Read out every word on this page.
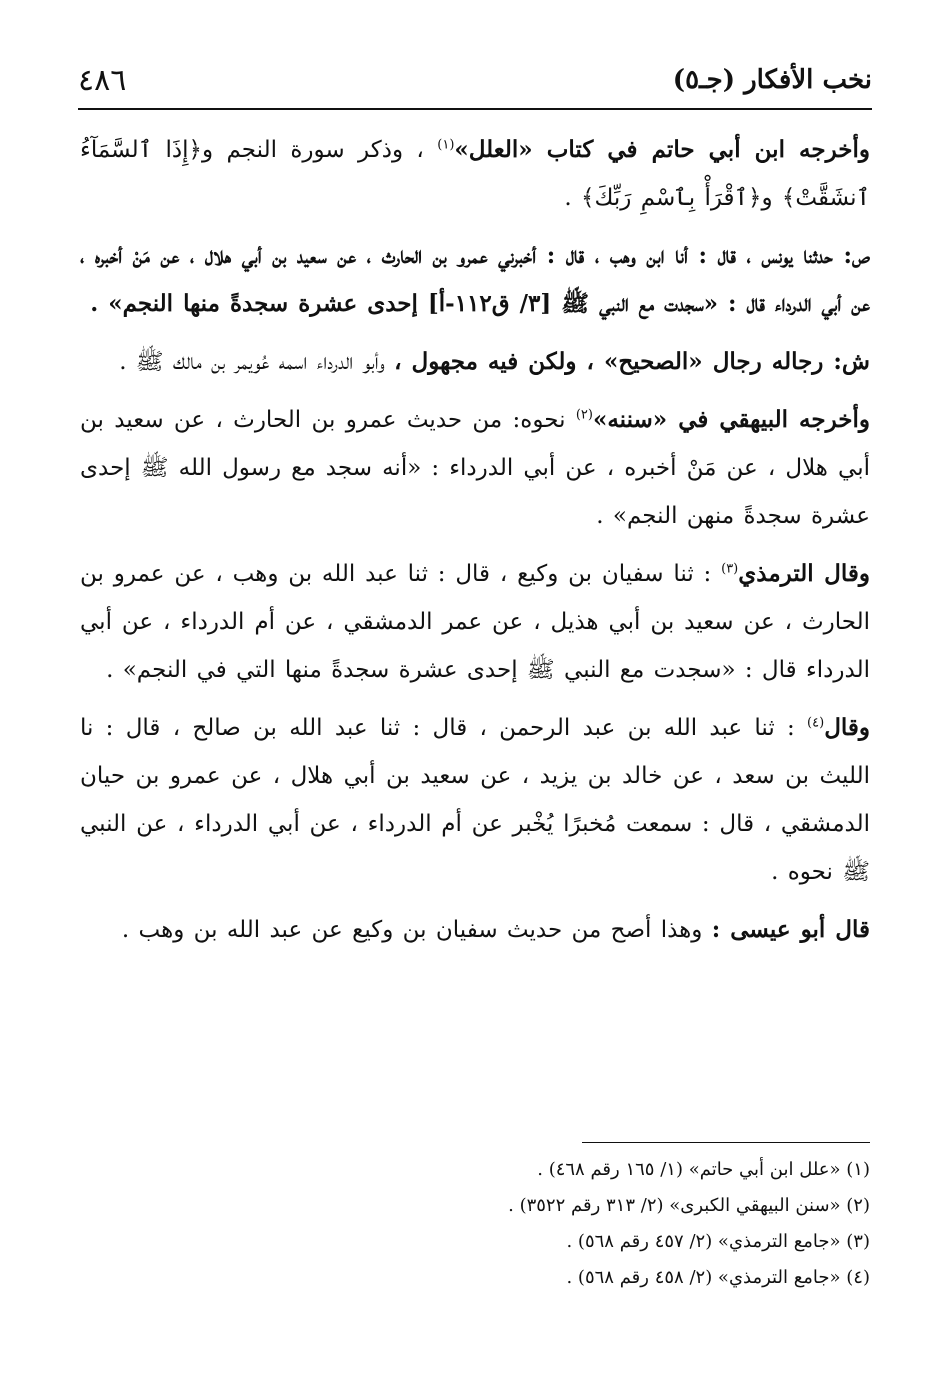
نخب الأفكار (جـ٥)
٤٨٦

وأخرجه ابن أبي حاتم في كتاب «العلل»$^{(١)}$ ، وذكر سورة النجم و﴿إِذَا ٱلسَّمَآءُ ٱنشَقَّتْ﴾ و﴿ٱقْرَأْ بِٱسْمِ رَبِّكَ﴾ .

ص: حدثنا يونس ، قال : أنا ابن وهب ، قال : أخبرني عمرو بن الحارث ، عن سعيد بن أبي هلال ، عن مَنْ أخبره ، عن أبي الدرداء قال : «سجدت مع النبي ﷺ [٣/ ق١١٢-أ] إحدى عشرة سجدةً منها النجم» .

ش: رجاله رجال «الصحيح» ، ولكن فيه مجهول ، وأبو الدرداء اسمه عُويمر بن مالك ﷺ .

وأخرجه البيهقي في «سننه»$^{(٢)}$ نحوه: من حديث عمرو بن الحارث ، عن سعيد بن أبي هلال ، عن مَنْ أخبره ، عن أبي الدرداء : «أنه سجد مع رسول الله ﷺ إحدى عشرة سجدةً منهن النجم» .

وقال الترمذي$^{(٣)}$ : ثنا سفيان بن وكيع ، قال : ثنا عبد الله بن وهب ، عن عمرو بن الحارث ، عن سعيد بن أبي هذيل ، عن عمر الدمشقي ، عن أم الدرداء ، عن أبي الدرداء قال : «سجدت مع النبي ﷺ إحدى عشرة سجدةً منها التي في النجم» .

وقال$^{(٤)}$ : ثنا عبد الله بن عبد الرحمن ، قال : ثنا عبد الله بن صالح ، قال : نا الليث بن سعد ، عن خالد بن يزيد ، عن سعيد بن أبي هلال ، عن عمرو بن حيان الدمشقي ، قال : سمعت مُخبرًا يُخْبر عن أم الدرداء ، عن أبي الدرداء ، عن النبي ﷺ نحوه .

قال أبو عيسى : وهذا أصح من حديث سفيان بن وكيع عن عبد الله بن وهب .

(١) «علل ابن أبي حاتم» (١/ ١٦٥ رقم ٤٦٨) .

(٢) «سنن البيهقي الكبرى» (٢/ ٣١٣ رقم ٣٥٢٢) .

(٣) «جامع الترمذي» (٢/ ٤٥٧ رقم ٥٦٨) .

(٤) «جامع الترمذي» (٢/ ٤٥٨ رقم ٥٦٨) .
